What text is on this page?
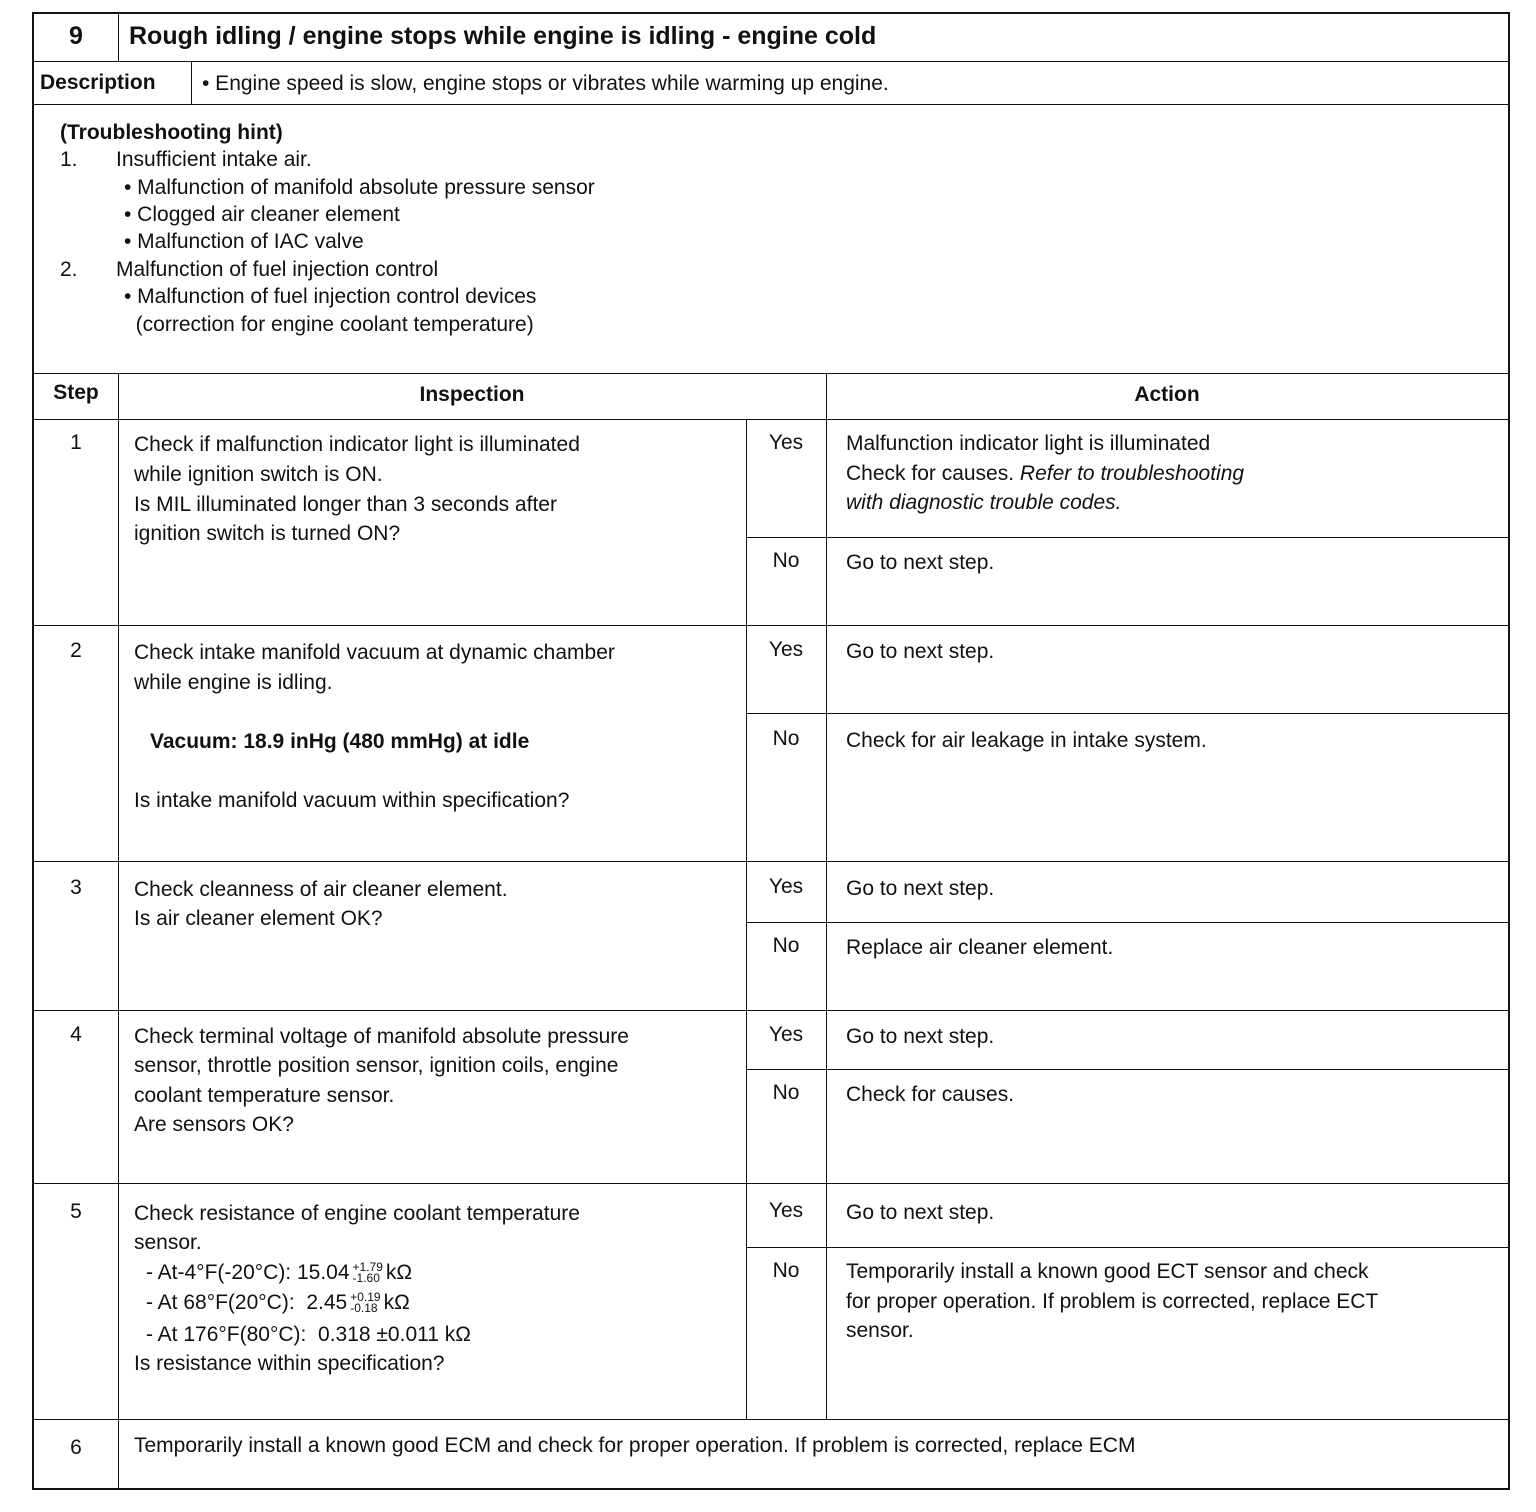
9	Rough idling / engine stops while engine is idling - engine cold
Description • Engine speed is slow, engine stops or vibrates while warming up engine.
(Troubleshooting hint)
1. Insufficient intake air.
• Malfunction of manifold absolute pressure sensor
• Clogged air cleaner element
• Malfunction of IAC valve
2. Malfunction of fuel injection control
• Malfunction of fuel injection control devices
(correction for engine coolant temperature)
Step	Inspection	Action
1	Check if malfunction indicator light is illuminated
while ignition switch is ON.
Is MIL illuminated longer than 3 seconds after
ignition switch is turned ON?
Yes	Malfunction indicator light is illuminated
Check for causes. Refer to troubleshooting
with diagnostic trouble codes.
No	Go to next step.
2	Check intake manifold vacuum at dynamic chamber
while engine is idling.
Vacuum: 18.9 inHg (480 mmHg) at idle
Is intake manifold vacuum within specification?
Yes	Go to next step.
No	Check for air leakage in intake system.
3	Check cleanness of air cleaner element.
Is air cleaner element OK?
Yes	Go to next step.
No	Replace air cleaner element.
4	Check terminal voltage of manifold absolute pressure
sensor, throttle position sensor, ignition coils, engine
coolant temperature sensor.
Are sensors OK?
Yes	Go to next step.
No	Check for causes.
5	Check resistance of engine coolant temperature
sensor.
- At-4°F(-20°C): 15.04 +1.79
-1.60 kΩ
- At 68°F(20°C):  2.45 +0.19
-0.18 kΩ
- At 176°F(80°C):  0.318 ±0.011 kΩ
Is resistance within specification?
Yes	Go to next step.
No	Temporarily install a known good ECT sensor and check
for proper operation. If problem is corrected, replace ECT
sensor.
6	Temporarily install a known good ECM and check for proper operation. If problem is corrected, replace ECM
